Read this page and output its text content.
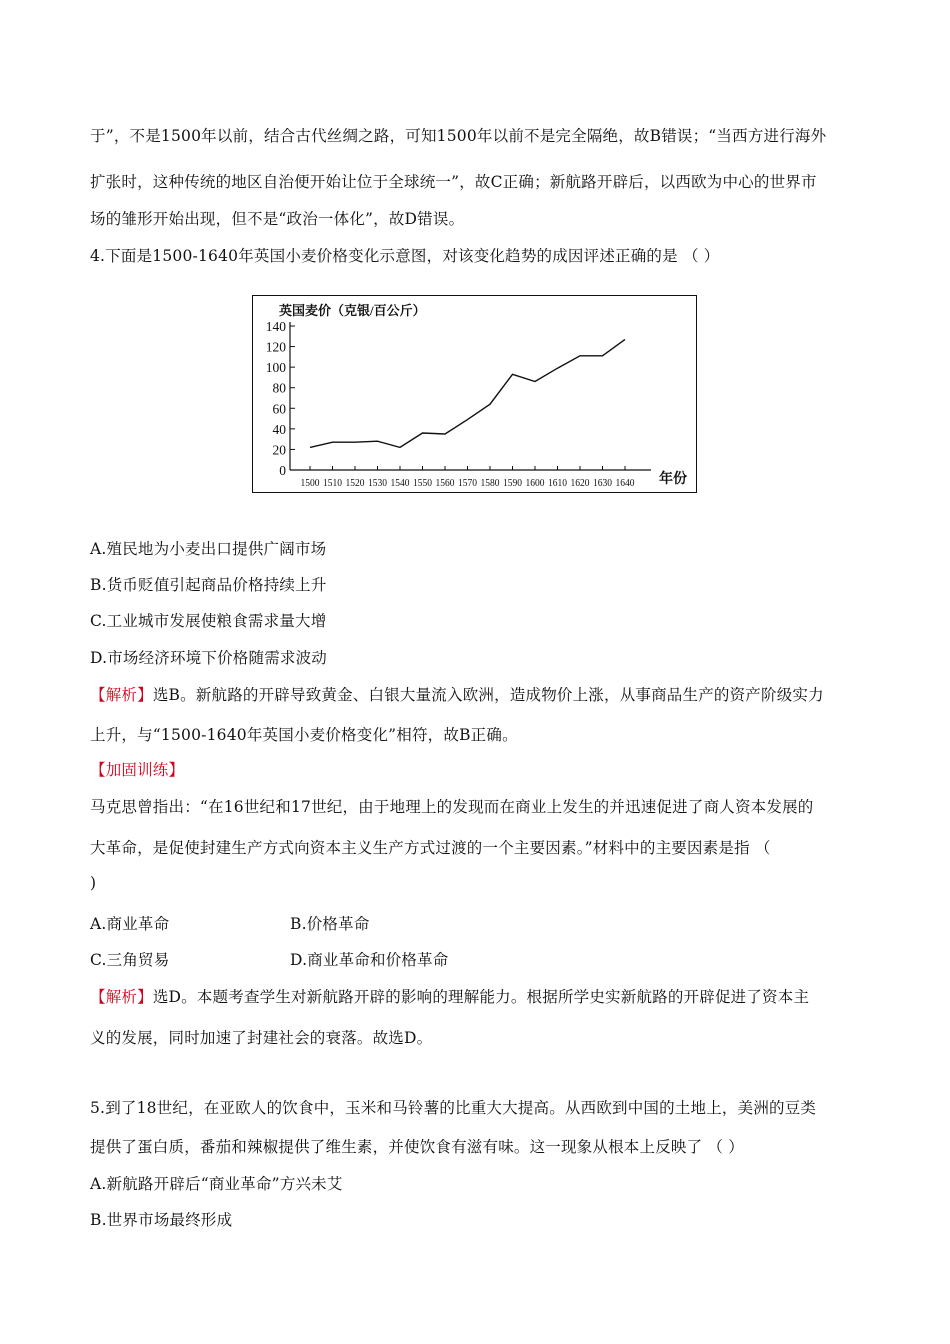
于”，不是1500年以前，结合古代丝绸之路，可知1500年以前不是完全隔绝，故B错误；“当西方进行海外
扩张时，这种传统的地区自治便开始让位于全球统一”，故C正确；新航路开辟后，以西欧为中心的世界市
场的雏形开始出现，但不是“政治一体化”，故D错误。
4.下面是1500-1640年英国小麦价格变化示意图，对该变化趋势的成因评述正确的是 （ ）
英国麦价（克银/百公斤）
年份
0
20
40
60
80
100
120
140
1500 1510 1520 1530 1540 1550 1560 1570 1580 1590 1600 1610 1620 1630 1640
A.殖民地为小麦出口提供广阔市场
B.货币贬值引起商品价格持续上升
C.工业城市发展使粮食需求量大增
D.市场经济环境下价格随需求波动
【解析】选B。新航路的开辟导致黄金、白银大量流入欧洲，造成物价上涨，从事商品生产的资产阶级实力
上升，与“1500-1640年英国小麦价格变化”相符，故B正确。
【加固训练】
马克思曾指出：“在16世纪和17世纪，由于地理上的发现而在商业上发生的并迅速促进了商人资本发展的
大革命，是促使封建生产方式向资本主义生产方式过渡的一个主要因素。”材料中的主要因素是指 （
)
A.商业革命	B.价格革命
C.三角贸易	D.商业革命和价格革命
【解析】选D。本题考查学生对新航路开辟的影响的理解能力。根据所学史实新航路的开辟促进了资本主
义的发展，同时加速了封建社会的衰落。故选D。
5.到了18世纪，在亚欧人的饮食中，玉米和马铃薯的比重大大提高。从西欧到中国的土地上，美洲的豆类
提供了蛋白质，番茄和辣椒提供了维生素，并使饮食有滋有味。这一现象从根本上反映了 （ ）
A.新航路开辟后“商业革命”方兴未艾
B.世界市场最终形成
